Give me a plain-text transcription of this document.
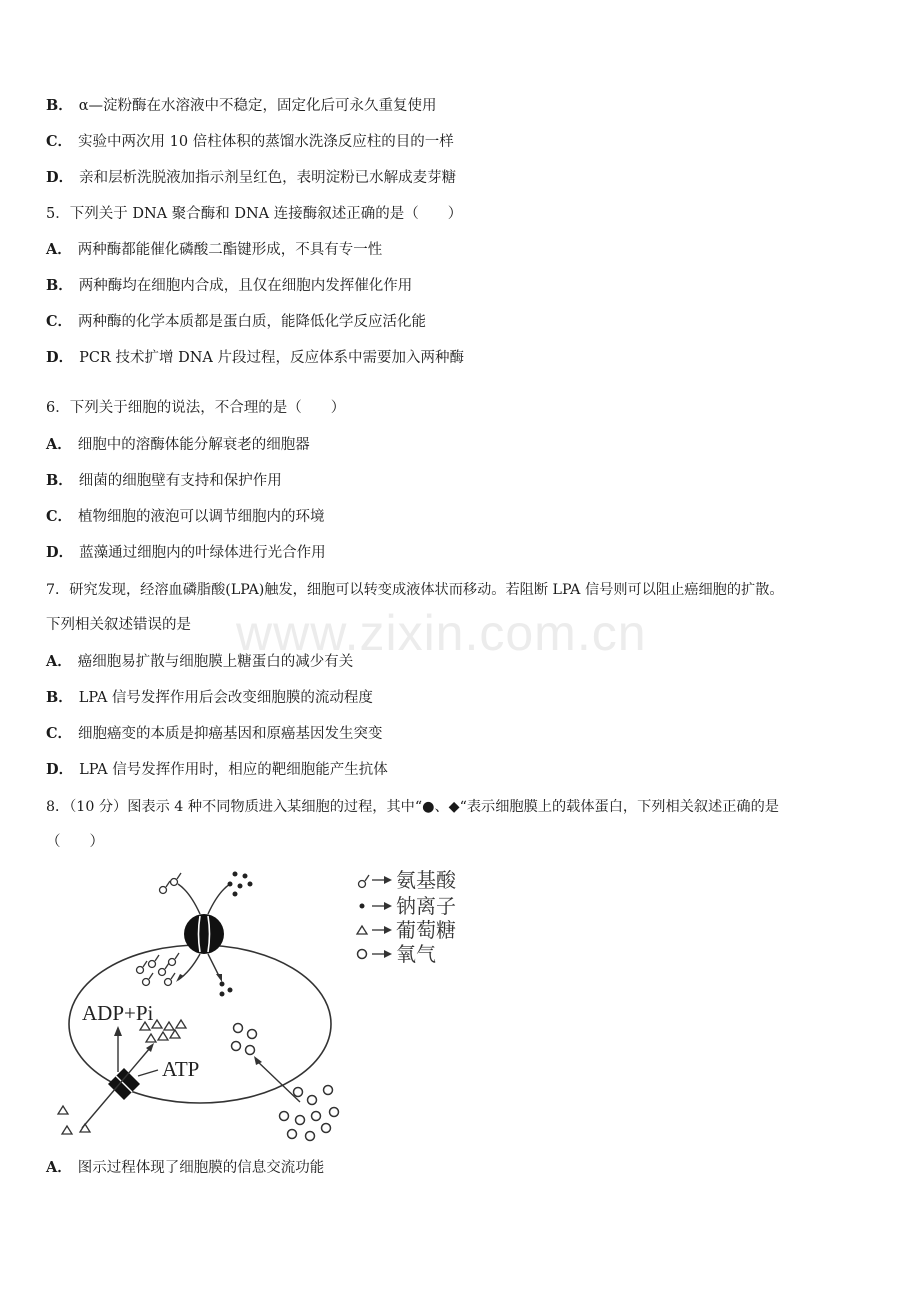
www.zixin.com.cn
B． α—淀粉酶在水溶液中不稳定，固定化后可永久重复使用
C． 实验中两次用 10 倍柱体积的蒸馏水洗涤反应柱的目的一样
D． 亲和层析洗脱液加指示剂呈红色，表明淀粉已水解成麦芽糖
5．下列关于 DNA 聚合酶和 DNA 连接酶叙述正确的是（　　）
A． 两种酶都能催化磷酸二酯键形成，不具有专一性
B． 两种酶均在细胞内合成，且仅在细胞内发挥催化作用
C． 两种酶的化学本质都是蛋白质，能降低化学反应活化能
D． PCR 技术扩增 DNA 片段过程，反应体系中需要加入两种酶
6．下列关于细胞的说法，不合理的是（　　）
A． 细胞中的溶酶体能分解衰老的细胞器
B． 细菌的细胞壁有支持和保护作用
C． 植物细胞的液泡可以调节细胞内的环境
D． 蓝藻通过细胞内的叶绿体进行光合作用
7．研究发现，经溶血磷脂酸(LPA)触发，细胞可以转变成液体状而移动。若阻断 LPA 信号则可以阻止癌细胞的扩散。
下列相关叙述错误的是
A． 癌细胞易扩散与细胞膜上糖蛋白的减少有关
B． LPA 信号发挥作用后会改变细胞膜的流动程度
C． 细胞癌变的本质是抑癌基因和原癌基因发生突变
D． LPA 信号发挥作用时，相应的靶细胞能产生抗体
8．（10 分）图表示 4 种不同物质进入某细胞的过程，其中“●、◆“表示细胞膜上的载体蛋白，下列相关叙述正确的是
（　　）
ADP+Pi
ATP
氨基酸
钠离子
葡萄糖
氧气
A． 图示过程体现了细胞膜的信息交流功能
